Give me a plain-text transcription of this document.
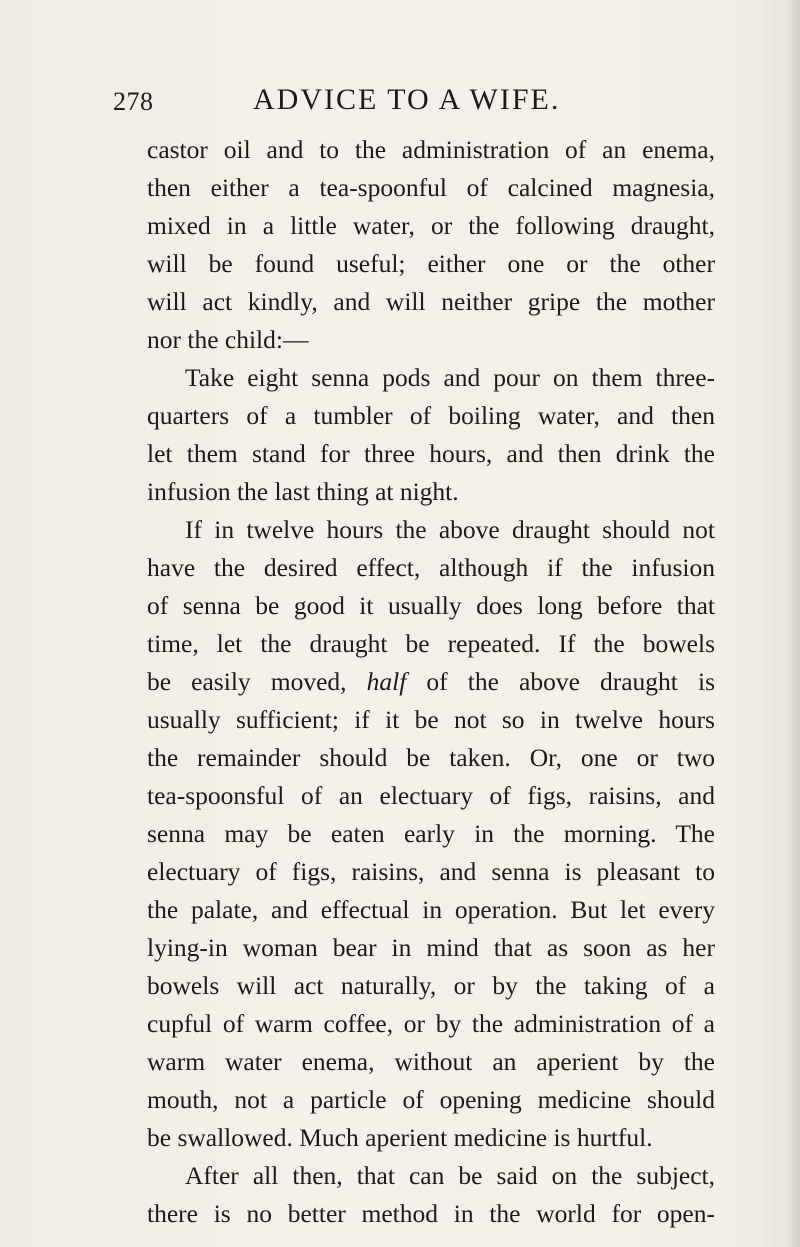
278	ADVICE TO A WIFE.
castor oil and to the administration of an enema,
then either a tea-spoonful of calcined magnesia,
mixed in a little water, or the following draught,
will be found useful; either one or the other
will act kindly, and will neither gripe the mother
nor the child:—
Take eight senna pods and pour on them three-
quarters of a tumbler of boiling water, and then
let them stand for three hours, and then drink the
infusion the last thing at night.
If in twelve hours the above draught should not
have the desired effect, although if the infusion
of senna be good it usually does long before that
time, let the draught be repeated. If the bowels
be easily moved, half of the above draught is
usually sufficient; if it be not so in twelve hours
the remainder should be taken. Or, one or two
tea-spoonsful of an electuary of figs, raisins, and
senna may be eaten early in the morning. The
electuary of figs, raisins, and senna is pleasant to
the palate, and effectual in operation. But let every
lying-in woman bear in mind that as soon as her
bowels will act naturally, or by the taking of a
cupful of warm coffee, or by the administration of a
warm water enema, without an aperient by the
mouth, not a particle of opening medicine should
be swallowed. Much aperient medicine is hurtful.
After all then, that can be said on the subject,
there is no better method in the world for open-
